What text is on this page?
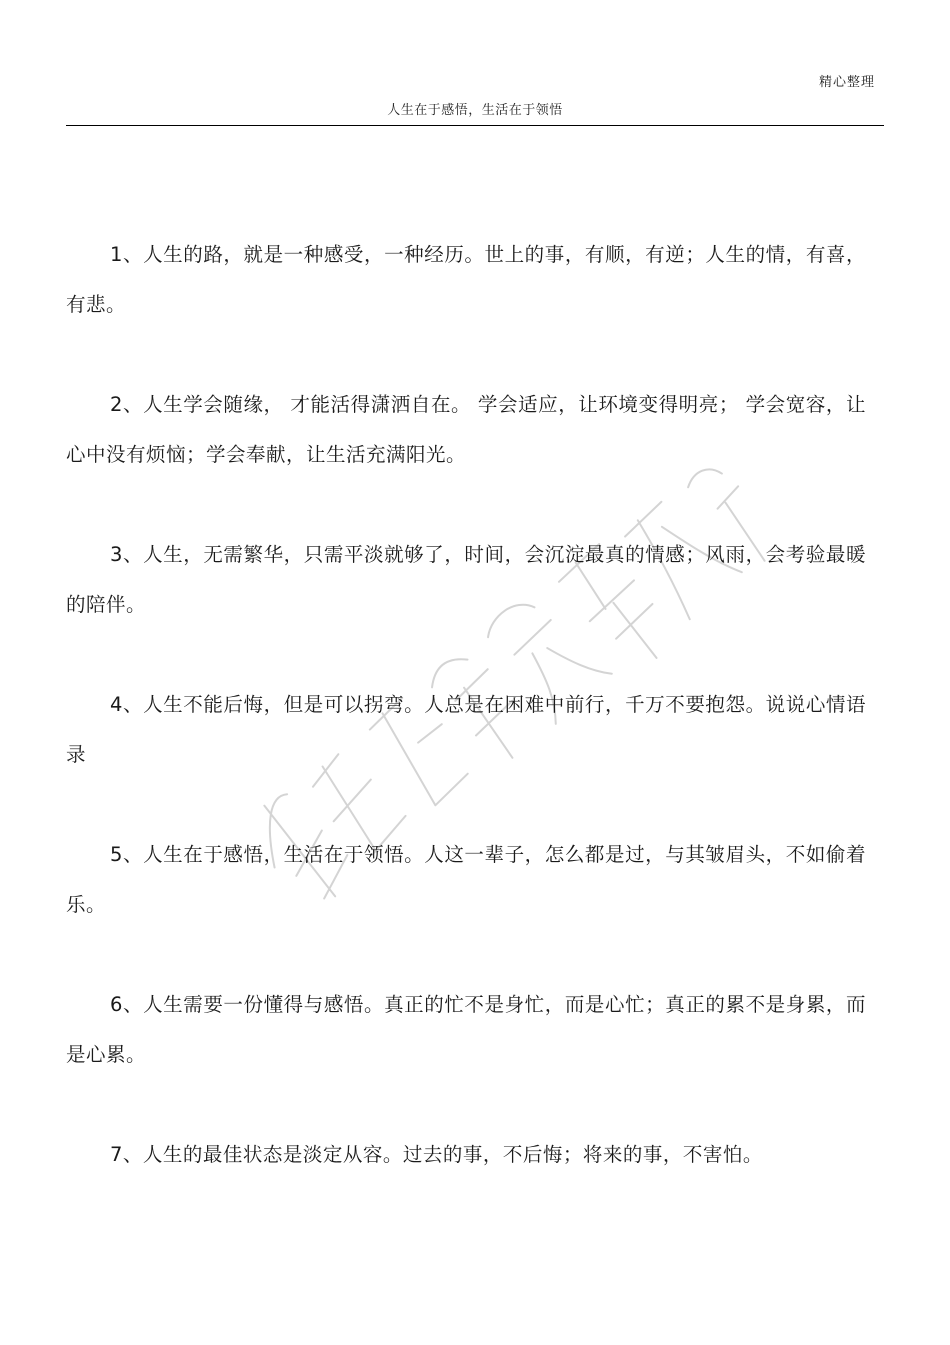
精心整理
人生在于感悟，生活在于领悟

1、人生的路，就是一种感受，一种经历。世上的事，有顺，有逆；人生的情，有喜，有悲。

2、人生学会随缘， 才能活得潇洒自在。 学会适应，让环境变得明亮； 学会宽容，让心中没有烦恼；学会奉献，让生活充满阳光。

3、人生，无需繁华，只需平淡就够了，时间，会沉淀最真的情感；风雨，会考验最暖的陪伴。

4、人生不能后悔，但是可以拐弯。人总是在困难中前行，千万不要抱怨。说说心情语录

5、人生在于感悟，生活在于领悟。人这一辈子，怎么都是过，与其皱眉头，不如偷着乐。

6、人生需要一份懂得与感悟。真正的忙不是身忙，而是心忙；真正的累不是身累，而是心累。

7、人生的最佳状态是淡定从容。过去的事，不后悔；将来的事，不害怕。
